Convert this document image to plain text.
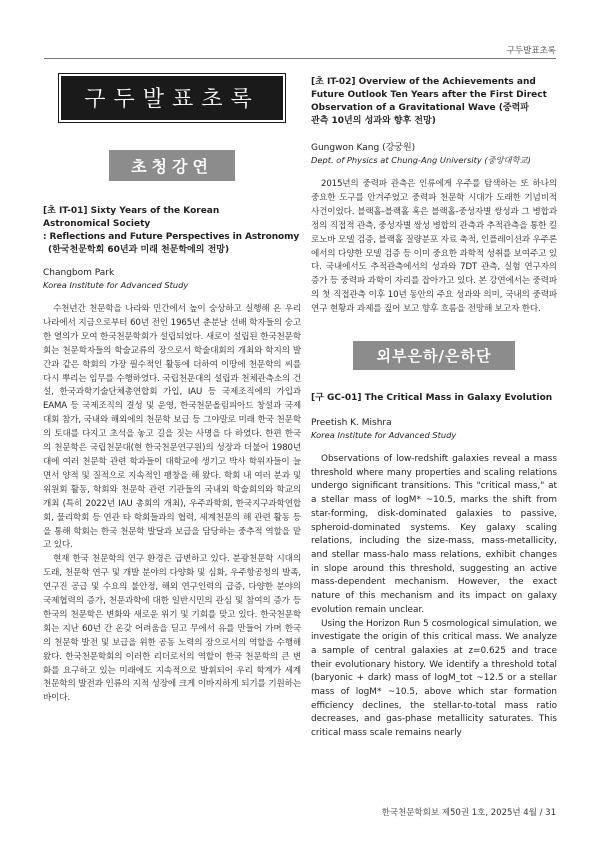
구두발표초록
구두발표초록
초청강연
[초 IT-01] Sixty Years of the Korean
Astronomical Society
: Reflections and Future Perspectives in Astronomy
(한국천문학회 60년과 미래 천문학에의 전망)
Changbom Park
Korea Institute for Advanced Study
수천년간 천문학을 나라와 민간에서 높이 숭상하고 실행해 온 우리나라에서 지금으로부터 60년 전인 1965년 춘분날 선배 학자들의 숭고한 열의가 모여 한국천문학회가 설립되었다. 새로이 설립된 한국천문학회는 천문학자들의 학술교류의 장으로서 학술대회의 개최와 학지의 발간과 같은 학회의 가장 필수적인 활동에 더하여 이땅에 천문학의 씨를 다시 뿌리는 임무를 수행하였다. 국립천문대의 설립과 천체관측소의 건설, 한국과학기술단체총연합회 가입, IAU 등 국제조직에의 가입과 EAMA 등 국제조직의 결성 및 운영, 한국천문올림피아드 창설과 국제대회 참가, 국내와 해외에의 천문학 보급 등 그야말로 미래 한국 천문학의 토대를 다지고 초석을 놓고 길을 짓는 사명을 다 하였다. 한편 한국의 천문학은 국립천문대(현 한국천문연구원)의 성장과 더불어 1980년 대에 여러 천문학 관련 학과들이 대학교에 생기고 박사 학위자들이 늘면서 양적 및 질적으로 지속적인 팽창을 해 왔다. 학회 내 여러 분과 및 위원회 활동, 학회와 천문학 관련 기관들의 국내외 학술회의와 학교의 개최 (특히 2022년 IAU 총회의 개최), 우주과학회, 한국지구과학연합회, 물리학회 등 연관 타 학회들과의 협력, 세계천문의 해 관련 활동 등을 통해 학회는 한국 천문학 발달과 보급을 담당하는 중추적 역할을 맡고 있다.
현재 한국 천문학의 연구 환경은 급변하고 있다. 분광천문학 시대의 도래, 천문학 연구 및 개발 분야의 다양화 및 심화, 우주항공청의 발족, 연구진 공급 및 수요의 불안정, 해외 연구인력의 급증, 다양한 분야의 국제협력의 증가, 천문과학에 대한 일반시민의 관심 및 참여의 증가 등 한국의 천문학은 변화와 새로운 위기 및 기회를 맞고 있다. 한국천문학회는 지난 60년 간 온갖 어려움을 딛고 무에서 유를 만들어 가며 한국의 천문학 발전 및 보급을 위한 공동 노력의 장으로서의 역할을 수행해 왔다. 한국천문학회의 이러한 리더로서의 역할이 한국 천문학의 큰 변화를 요구하고 있는 미래에도 지속적으로 발휘되어 우리 학계가 세계 천문학의 발전과 인류의 지적 성장에 크게 이바지하게 되기를 기원하는 바이다.
[초 IT-02] Overview of the Achievements and
Future Outlook Ten Years after the First Direct
Observation of a Gravitational Wave (중력파
관측 10년의 성과와 향후 전망)
Gungwon Kang (강궁원)
Dept. of Physics at Chung-Ang University (중앙대학교)
2015년의 중력파 관측은 인류에게 우주를 탐색하는 또 하나의 중요한 도구를 안겨주었고 중력파 천문학 시대가 도래한 기념비적 사건이었다. 블랙홀-블랙홀 혹은 블랙홀-중성자별 쌍성과 그 병합과정의 직접적 관측, 중성자별 쌍성 병합의 관측과 추적관측을 통한 킬로노바 모델 검증, 블랙홀 질량분포 자료 축적, 인플레이션과 우주론에서의 다양한 모델 검증 등 이미 중요한 과학적 성취를 보여주고 있다. 국내에서도 추적관측에서의 성과와 7DT 관측, 실험 연구자의 증가 등 중력파 과학이 자리를 잡아가고 있다. 본 강연에서는 중력파의 첫 직접관측 이후 10년 동안의 주요 성과와 의미, 국내의 중력파 연구 현황과 과제를 짚어 보고 향후 흐름을 전망해 보고자 한다.
외부은하/은하단
[구 GC-01] The Critical Mass in Galaxy Evolution
Preetish K. Mishra
Korea Institute for Advanced Study
Observations of low-redshift galaxies reveal a mass threshold where many properties and scaling relations undergo significant transitions. This "critical mass," at a stellar mass of logM* ~10.5, marks the shift from star-forming, disk-dominated galaxies to passive, spheroid-dominated systems. Key galaxy scaling relations, including the size-mass, mass-metallicity, and stellar mass-halo mass relations, exhibit changes in slope around this threshold, suggesting an active mass-dependent mechanism. However, the exact nature of this mechanism and its impact on galaxy evolution remain unclear.
Using the Horizon Run 5 cosmological simulation, we investigate the origin of this critical mass. We analyze a sample of central galaxies at z=0.625 and trace their evolutionary history. We identify a threshold total (baryonic + dark) mass of logM_tot ~12.5 or a stellar mass of logM* ~10.5, above which star formation efficiency declines, the stellar-to-total mass ratio decreases, and gas-phase metallicity saturates. This critical mass scale remains nearly
한국천문학회보 제50권 1호, 2025년 4월 / 31
